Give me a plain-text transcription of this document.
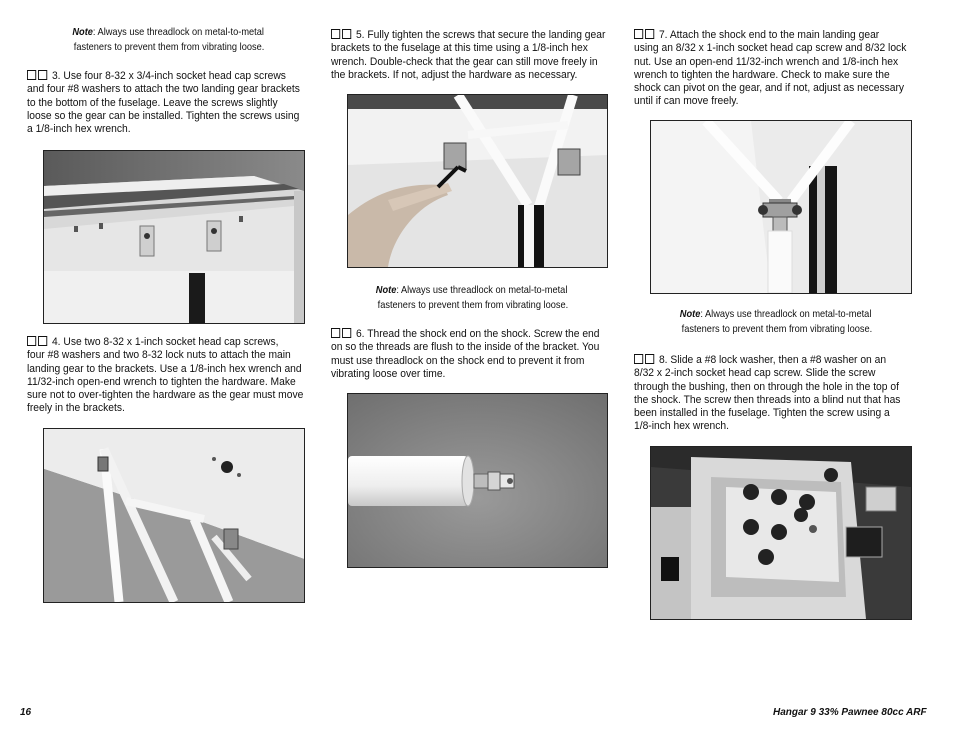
Note: Always use threadlock on metal-to-metal
fasteners to prevent them from vibrating loose.
3. Use four 8-32 x 3/4-inch socket head cap screws
and four #8 washers to attach the two landing gear brackets
to the bottom of the fuselage. Leave the screws slightly
loose so the gear can be installed. Tighten the screws using
a 1/8-inch hex wrench.
4. Use two 8-32 x 1-inch socket head cap screws,
four #8 washers and two 8-32 lock nuts to attach the main
landing gear to the brackets. Use a 1/8-inch hex wrench and
11/32-inch open-end wrench to tighten the hardware. Make
sure not to over-tighten the hardware as the gear must move
freely in the brackets.
5. Fully tighten the screws that secure the landing gear
brackets to the fuselage at this time using a 1/8-inch hex
wrench. Double-check that the gear can still move freely in
the brackets. If not, adjust the hardware as necessary.
Note: Always use threadlock on metal-to-metal
fasteners to prevent them from vibrating loose.
6. Thread the shock end on the shock. Screw the end
on so the threads are flush to the inside of the bracket. You
must use threadlock on the shock end to prevent it from
vibrating loose over time.
7. Attach the shock end to the main landing gear
using an 8/32 x 1-inch socket head cap screw and 8/32 lock
nut. Use an open-end 11/32-inch wrench and 1/8-inch hex
wrench to tighten the hardware. Check to make sure the
shock can pivot on the gear, and if not, adjust as necessary
until if can move freely.
Note: Always use threadlock on metal-to-metal
fasteners to prevent them from vibrating loose.
8. Slide a #8 lock washer, then a #8 washer on an
8/32 x 2-inch socket head cap screw. Slide the screw
through the bushing, then on through the hole in the top of
the shock. The screw then threads into a blind nut that has
been installed in the fuselage. Tighten the screw using a
1/8-inch hex wrench.
16	Hangar 9 33% Pawnee 80cc ARF
